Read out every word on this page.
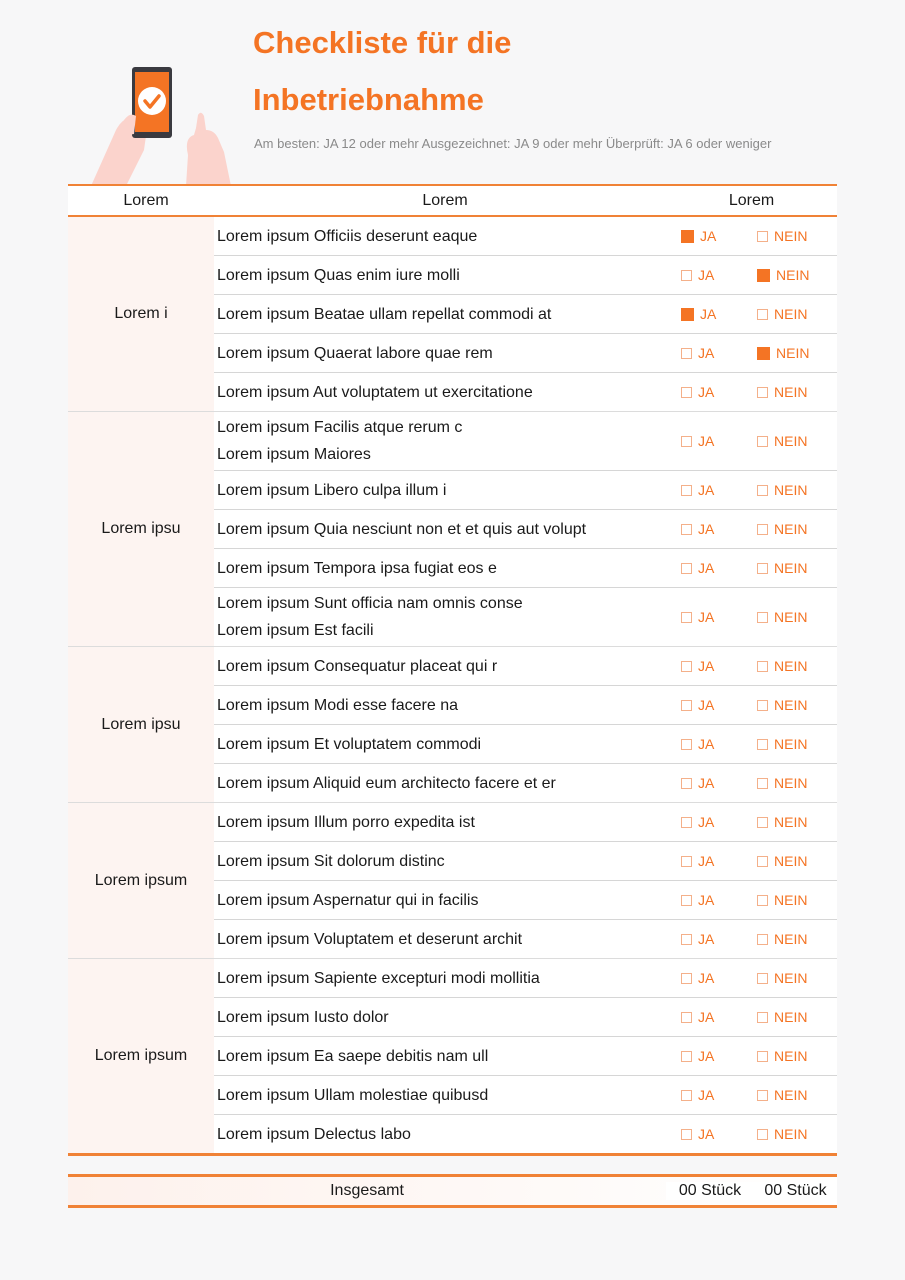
Checkliste für die
Inbetriebnahme
Am besten: JA 12 oder mehr Ausgezeichnet: JA 9 oder mehr Überprüft: JA 6 oder weniger
Lorem	Lorem	Lorem
Lorem i
Lorem ipsum Officiis deserunt eaque	JA	NEIN
Lorem ipsum Quas enim iure molli	JA	NEIN
Lorem ipsum Beatae ullam repellat commodi at	JA	NEIN
Lorem ipsum Quaerat labore quae rem	JA	NEIN
Lorem ipsum Aut voluptatem ut exercitatione	JA	NEIN
Lorem ipsu
Lorem ipsum Facilis atque rerum c
Lorem ipsum Maiores
JA	NEIN
Lorem ipsum Libero culpa illum i	JA	NEIN
Lorem ipsum Quia nesciunt non et et quis aut volupt	JA	NEIN
Lorem ipsum Tempora ipsa fugiat eos e	JA	NEIN
Lorem ipsum Sunt officia nam omnis conse
Lorem ipsum Est facili
JA	NEIN
Lorem ipsu
Lorem ipsum Consequatur placeat qui r	JA	NEIN
Lorem ipsum Modi esse facere na	JA	NEIN
Lorem ipsum Et voluptatem commodi	JA	NEIN
Lorem ipsum Aliquid eum architecto facere et er	JA	NEIN
Lorem ipsum
Lorem ipsum Illum porro expedita ist	JA	NEIN
Lorem ipsum Sit dolorum distinc	JA	NEIN
Lorem ipsum Aspernatur qui in facilis	JA	NEIN
Lorem ipsum Voluptatem et deserunt archit	JA	NEIN
Lorem ipsum
Lorem ipsum Sapiente excepturi modi mollitia	JA	NEIN
Lorem ipsum Iusto dolor	JA	NEIN
Lorem ipsum Ea saepe debitis nam ull	JA	NEIN
Lorem ipsum Ullam molestiae quibusd	JA	NEIN
Lorem ipsum Delectus labo	JA	NEIN
Insgesamt	00 Stück	00 Stück
